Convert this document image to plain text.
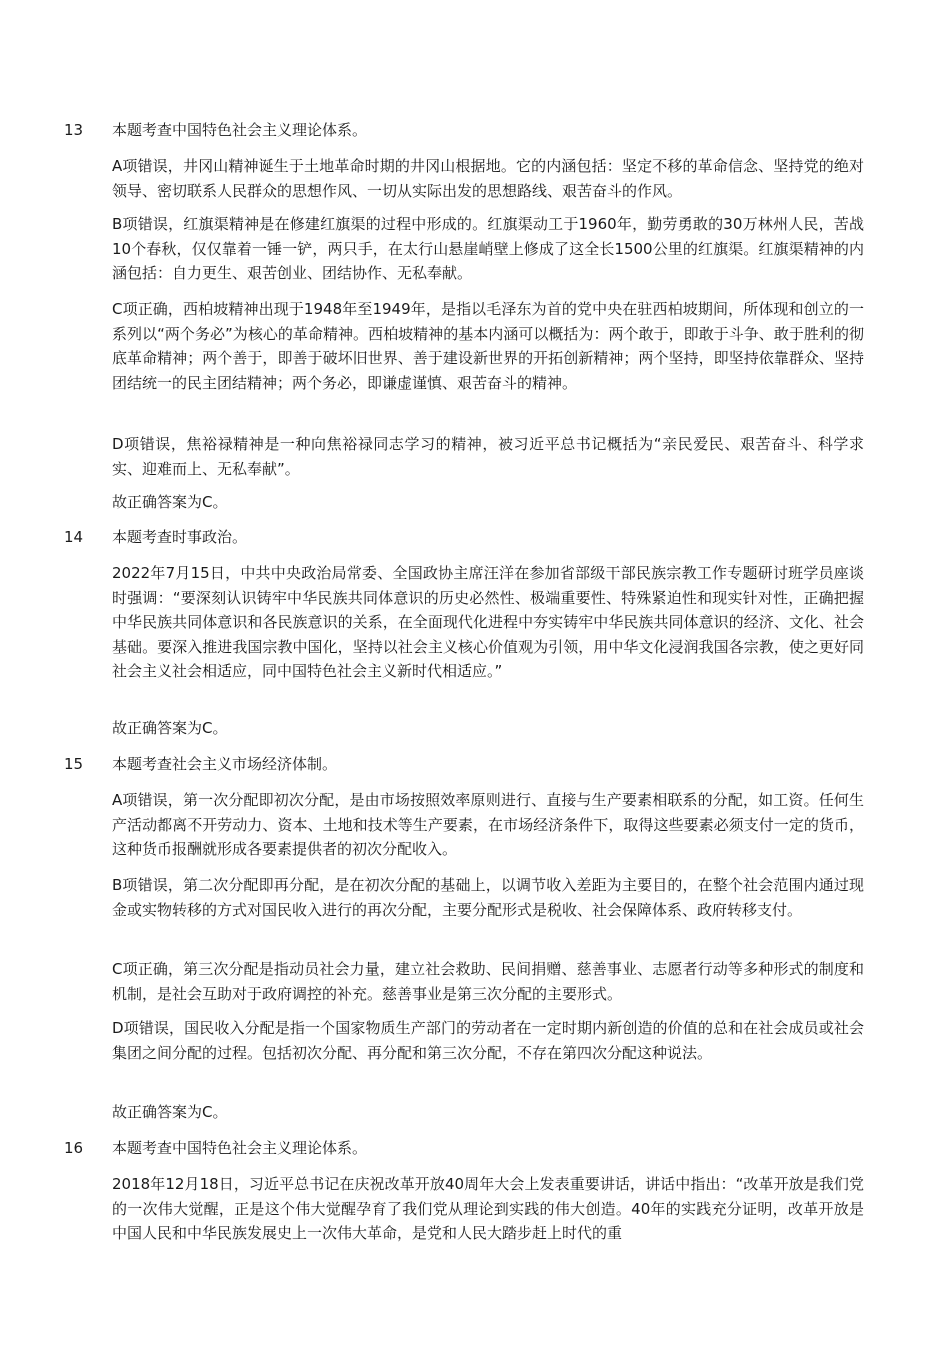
13	本题考查中国特色社会主义理论体系。
A项错误，井冈山精神诞生于土地革命时期的井冈山根据地。它的内涵包括：坚定不移的革命信念、坚持党的绝对领导、密切联系人民群众的思想作风、一切从实际出发的思想路线、艰苦奋斗的作风。
B项错误，红旗渠精神是在修建红旗渠的过程中形成的。红旗渠动工于1960年，勤劳勇敢的30万林州人民，苦战10个春秋，仅仅靠着一锤一铲，两只手，在太行山悬崖峭壁上修成了这全长1500公里的红旗渠。红旗渠精神的内涵包括：自力更生、艰苦创业、团结协作、无私奉献。
C项正确，西柏坡精神出现于1948年至1949年，是指以毛泽东为首的党中央在驻西柏坡期间，所体现和创立的一系列以“两个务必”为核心的革命精神。西柏坡精神的基本内涵可以概括为：两个敢于，即敢于斗争、敢于胜利的彻底革命精神；两个善于，即善于破坏旧世界、善于建设新世界的开拓创新精神；两个坚持，即坚持依靠群众、坚持团结统一的民主团结精神；两个务必，即谦虚谨慎、艰苦奋斗的精神。
D项错误，焦裕禄精神是一种向焦裕禄同志学习的精神，被习近平总书记概括为“亲民爱民、艰苦奋斗、科学求实、迎难而上、无私奉献”。
故正确答案为C。
14	本题考查时事政治。
2022年7月15日，中共中央政治局常委、全国政协主席汪洋在参加省部级干部民族宗教工作专题研讨班学员座谈时强调：“要深刻认识铸牢中华民族共同体意识的历史必然性、极端重要性、特殊紧迫性和现实针对性，正确把握中华民族共同体意识和各民族意识的关系，在全面现代化进程中夯实铸牢中华民族共同体意识的经济、文化、社会基础。要深入推进我国宗教中国化，坚持以社会主义核心价值观为引领，用中华文化浸润我国各宗教，使之更好同社会主义社会相适应，同中国特色社会主义新时代相适应。”
故正确答案为C。
15	本题考查社会主义市场经济体制。
A项错误，第一次分配即初次分配，是由市场按照效率原则进行、直接与生产要素相联系的分配，如工资。任何生产活动都离不开劳动力、资本、土地和技术等生产要素，在市场经济条件下，取得这些要素必须支付一定的货币，这种货币报酬就形成各要素提供者的初次分配收入。
B项错误，第二次分配即再分配，是在初次分配的基础上，以调节收入差距为主要目的，在整个社会范围内通过现金或实物转移的方式对国民收入进行的再次分配，主要分配形式是税收、社会保障体系、政府转移支付。
C项正确，第三次分配是指动员社会力量，建立社会救助、民间捐赠、慈善事业、志愿者行动等多种形式的制度和机制，是社会互助对于政府调控的补充。慈善事业是第三次分配的主要形式。
D项错误，国民收入分配是指一个国家物质生产部门的劳动者在一定时期内新创造的价值的总和在社会成员或社会集团之间分配的过程。包括初次分配、再分配和第三次分配，不存在第四次分配这种说法。
故正确答案为C。
16	本题考查中国特色社会主义理论体系。
2018年12月18日，习近平总书记在庆祝改革开放40周年大会上发表重要讲话，讲话中指出：“改革开放是我们党的一次伟大觉醒，正是这个伟大觉醒孕育了我们党从理论到实践的伟大创造。40年的实践充分证明，改革开放是中国人民和中华民族发展史上一次伟大革命，是党和人民大踏步赶上时代的重
